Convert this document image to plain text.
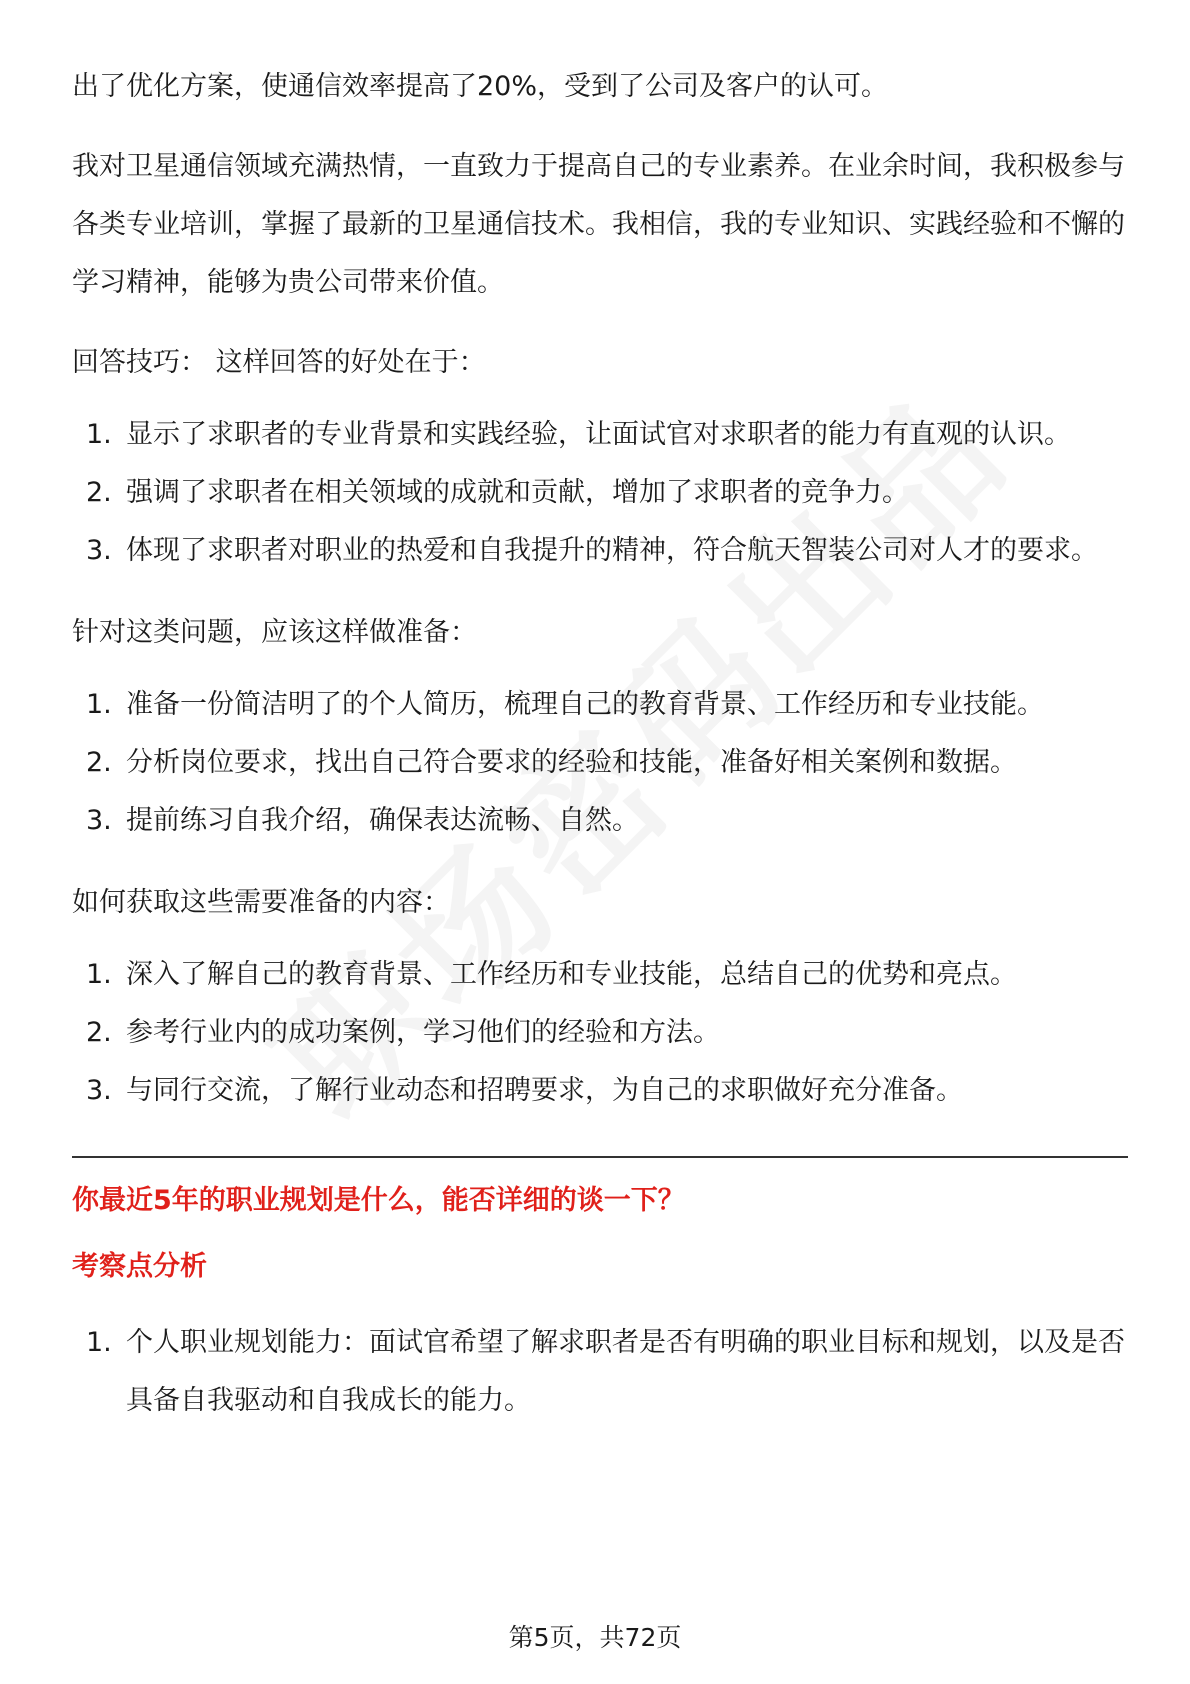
出了优化方案，使通信效率提高了20%，受到了公司及客户的认可。

我对卫星通信领域充满热情，一直致力于提高自己的专业素养。在业余时间，我积极参与各类专业培训，掌握了最新的卫星通信技术。我相信，我的专业知识、实践经验和不懈的学习精神，能够为贵公司带来价值。

回答技巧： 这样回答的好处在于：

1. 显示了求职者的专业背景和实践经验，让面试官对求职者的能力有直观的认识。
2. 强调了求职者在相关领域的成就和贡献，增加了求职者的竞争力。
3. 体现了求职者对职业的热爱和自我提升的精神，符合航天智装公司对人才的要求。

针对这类问题，应该这样做准备：

1. 准备一份简洁明了的个人简历，梳理自己的教育背景、工作经历和专业技能。
2. 分析岗位要求，找出自己符合要求的经验和技能，准备好相关案例和数据。
3. 提前练习自我介绍，确保表达流畅、自然。

如何获取这些需要准备的内容：

1. 深入了解自己的教育背景、工作经历和专业技能，总结自己的优势和亮点。
2. 参考行业内的成功案例，学习他们的经验和方法。
3. 与同行交流，了解行业动态和招聘要求，为自己的求职做好充分准备。
你最近5年的职业规划是什么，能否详细的谈一下？
考察点分析
1. 个人职业规划能力：面试官希望了解求职者是否有明确的职业目标和规划，以及是否具备自我驱动和自我成长的能力。
第5页，共72页
